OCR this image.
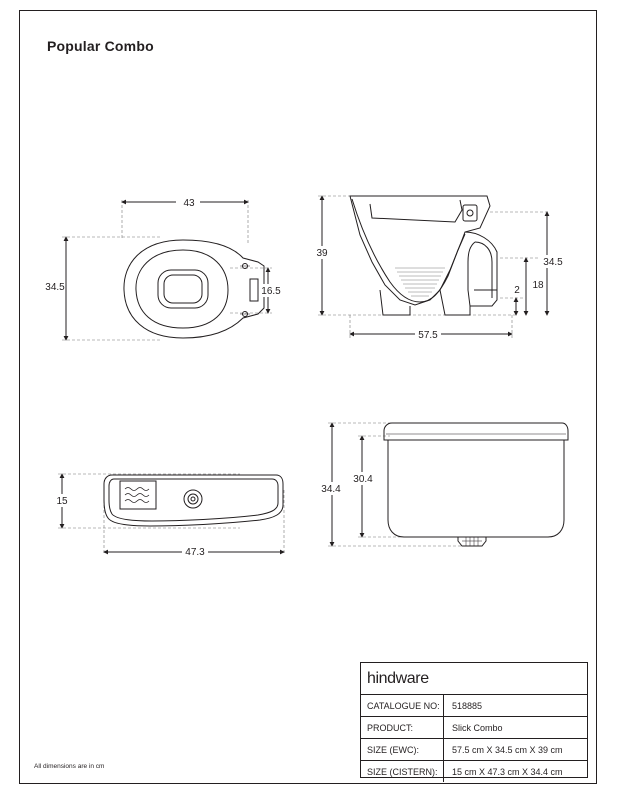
Popular Combo
43
34.5	16.5
39
57.5
34.5
18
2
15
47.3
34.4
30.4
hindware
CATALOGUE NO:	518885
PRODUCT:	Slick Combo
SIZE (EWC):	57.5 cm X 34.5 cm X 39 cm
SIZE (CISTERN):	15 cm X 47.3 cm X 34.4 cm
All dimensions are in cm
